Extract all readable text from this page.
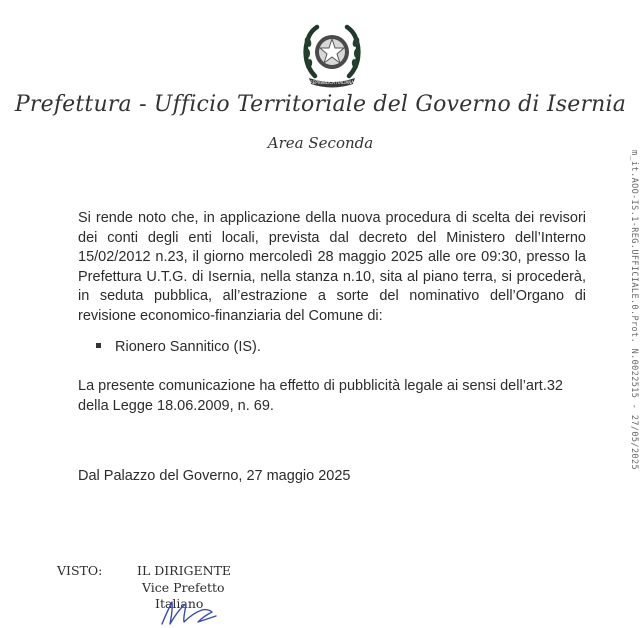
REPVBBLICA ITALIANA
Prefettura - Ufficio Territoriale del Governo di Isernia
Area Seconda
Si rende noto che, in applicazione della nuova procedura di scelta dei revisori dei conti degli enti locali, prevista dal decreto del Ministero dell’Interno 15/02/2012 n.23, il giorno mercoledì 28 maggio 2025 alle ore 09:30, presso la Prefettura U.T.G. di Isernia, nella stanza n.10, sita al piano terra, si procederà, in seduta pubblica, all’estrazione a sorte del nominativo dell’Organo di revisione economico-finanziaria del Comune di:
Rionero Sannitico (IS).
La presente comunicazione ha effetto di pubblicità legale ai sensi dell’art.32 della Legge 18.06.2009, n. 69.
Dal Palazzo del Governo, 27 maggio 2025
VISTO:	IL DIRIGENTE
Vice Prefetto
Italiano
m_it.AOO-IS.1-REG.UFFICIALE.0.Prot. N.0022515 - 27/05/2025
